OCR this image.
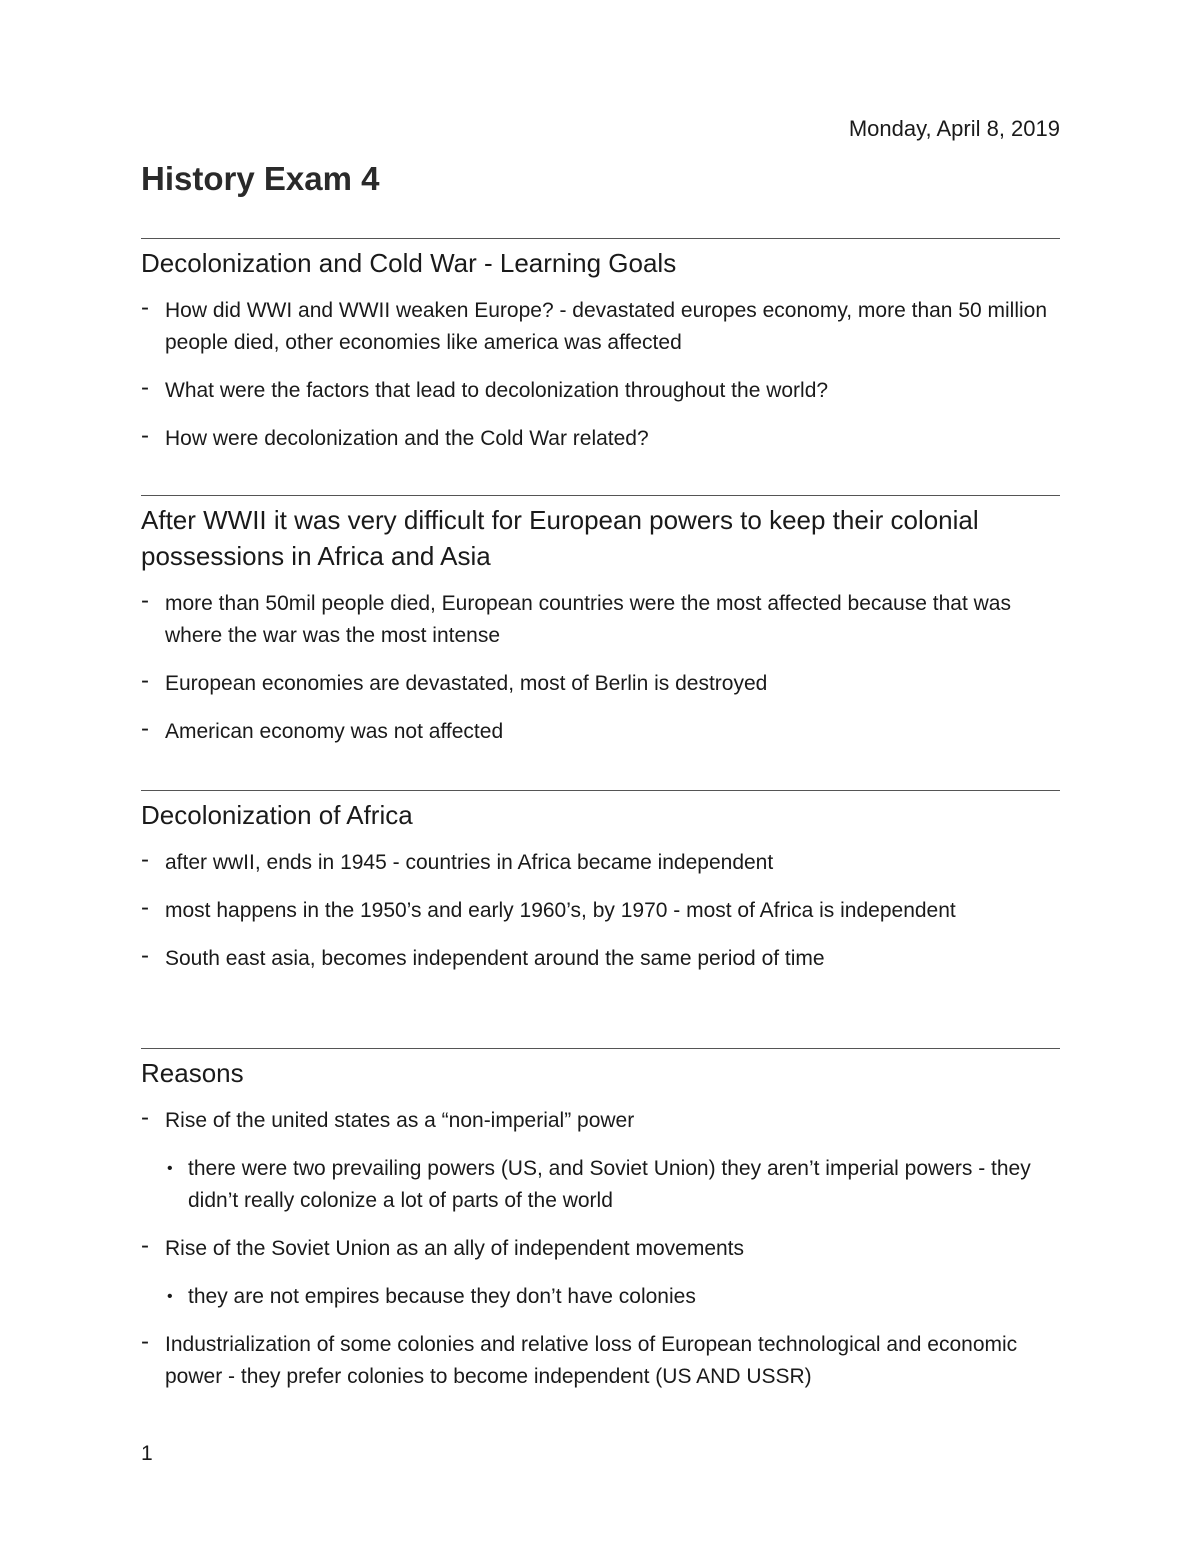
Monday, April 8, 2019
History Exam 4
Decolonization and Cold War - Learning Goals
- How did WWI and WWII weaken Europe? - devastated europes economy, more than 50 million people died, other economies like america was affected
- What were the factors that lead to decolonization throughout the world?
- How were decolonization and the Cold War related?
After WWII it was very difficult for European powers to keep their colonial possessions in Africa and Asia
- more than 50mil people died, European countries were the most affected because that was where the war was the most intense
- European economies are devastated, most of Berlin is destroyed
- American economy was not affected
Decolonization of Africa
- after wwII, ends in 1945 - countries in Africa became independent
- most happens in the 1950’s and early 1960’s, by 1970 - most of Africa is independent
- South east asia, becomes independent around the same period of time
Reasons
- Rise of the united states as a “non-imperial” power
• there were two prevailing powers (US, and Soviet Union) they aren’t imperial powers - they didn’t really colonize a lot of parts of the world
- Rise of the Soviet Union as an ally of independent movements
• they are not empires because they don’t have colonies
- Industrialization of some colonies and relative loss of European technological and economic power - they prefer colonies to become independent (US AND USSR)
1
